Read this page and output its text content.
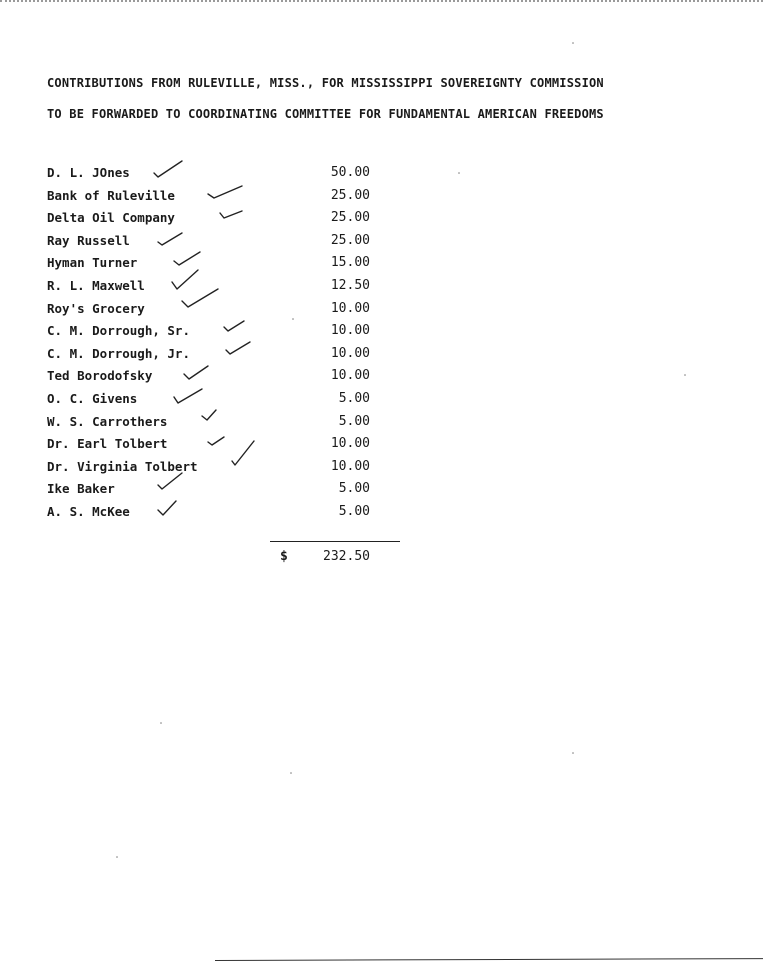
CONTRIBUTIONS FROM RULEVILLE, MISS., FOR MISSISSIPPI SOVEREIGNTY COMMISSION
TO BE FORWARDED TO COORDINATING COMMITTEE FOR FUNDAMENTAL AMERICAN FREEDOMS
D. L. JOnes	50.00
Bank of Ruleville	25.00
Delta Oil Company	25.00
Ray Russell	25.00
Hyman Turner	15.00
R. L. Maxwell	12.50
Roy's Grocery	10.00
C. M. Dorrough, Sr.	10.00
C. M. Dorrough, Jr.	10.00
Ted Borodofsky	10.00
O. C. Givens	5.00
W. S. Carrothers	5.00
Dr. Earl Tolbert	10.00
Dr. Virginia Tolbert	10.00
Ike Baker	5.00
A. S. McKee	5.00
$	232.50
